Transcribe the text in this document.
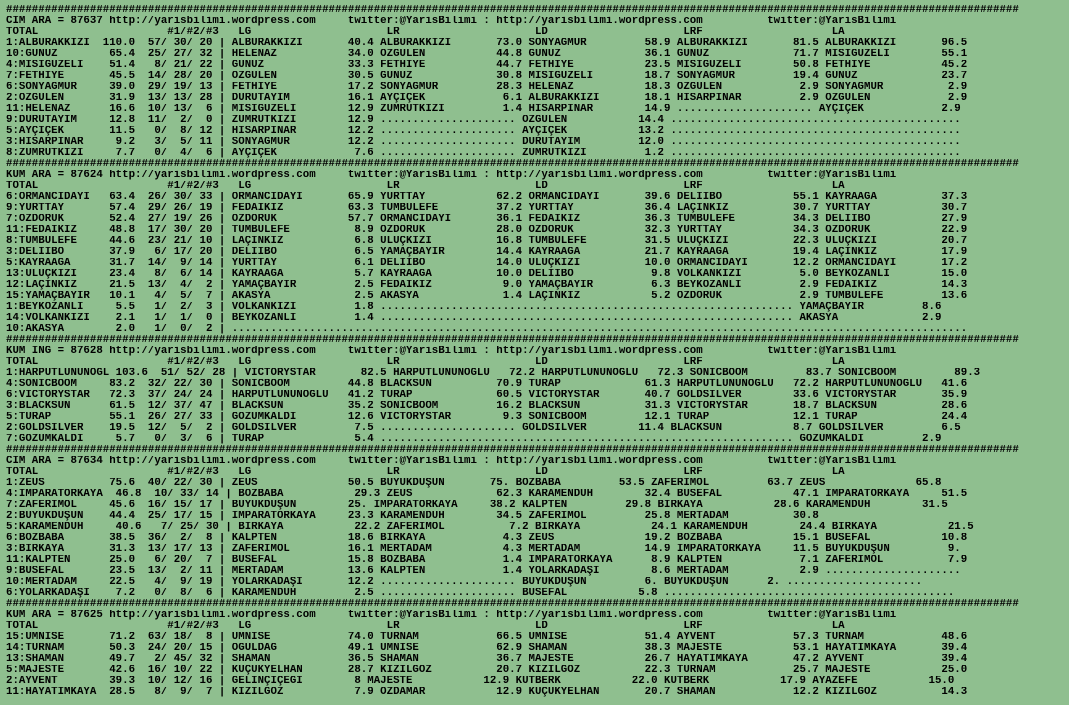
#############################################################################################################################################################
CIM ARA = 87637 http://yarisbilimi.wordpress.com     twitter:@YarisBilimi : http://yarisbilimi.wordpress.com          twitter:@YarisBilimi
TOTAL                    #1/#2/#3   LG                     LR                     LD                     LRF                    LA
1:ALBURAKKIZI  110.0  57/ 30/ 20 | ALBURAKKIZI       40.4 ALBURAKKIZI       73.0 SONYAĞMUR         58.9 ALBURAKKIZI       81.5 ALBURAKKIZI       96.5
10:GÜNÜZ        65.4  25/ 27/ 32 | HELENAZ           34.0 ÖZGÜLEN           44.8 GÜNÜZ             36.1 GÜNÜZ             71.7 MISIGÜZELI        55.1
4:MISIGÜZELI    51.4   8/ 21/ 22 | GÜNÜZ             33.3 FETHIYE           44.7 FETHIYE           23.5 MISIGÜZELI        50.8 FETHIYE           45.2
7:FETHIYE       45.5  14/ 28/ 20 | ÖZGÜLEN           30.5 GÜNÜZ             30.8 MISIGÜZELI        18.7 SONYAĞMUR         19.4 GÜNÜZ             23.7
6:SONYAĞMUR     39.0  29/ 19/ 13 | FETHIYE           17.2 SONYAĞMUR         28.3 HELENAZ           18.3 ÖZGÜLEN            2.9 SONYAĞMUR          2.9
2:ÖZGÜLEN       31.9  13/ 13/ 28 | DURUTAYIM         16.1 AYÇIÇEK            6.1 ALBURAKKIZI       18.1 HISARPINAR         2.9 ÖZGÜLEN            2.9
11:HELENAZ      16.6  10/ 13/  6 | MISIGÜZELI        12.9 ZÜMRÜTKIZI         1.4 HISARPINAR        14.9 ..................... AYÇIÇEK            2.9
9:DURUTAYIM     12.8  11/  2/  0 | ZÜMRÜTKIZI        12.9 ..................... ÖZGÜLEN           14.4 .............................................
5:AYÇIÇEK       11.5   0/  8/ 12 | HISARPINAR        12.2 ..................... AYÇIÇEK           13.2 .............................................
3:HISARPINAR     9.2   3/  5/ 11 | SONYAĞMUR         12.2 ..................... DURUTAYIM         12.0 .............................................
8:ZÜMRÜTKIZI     7.7   0/  4/  6 | AYÇIÇEK            7.6 ..................... ZÜMRÜTKIZI         1.2 .............................................
#############################################################################################################################################################
KUM ARA = 87624 http://yarisbilimi.wordpress.com     twitter:@YarisBilimi : http://yarisbilimi.wordpress.com          twitter:@YarisBilimi
TOTAL                    #1/#2/#3   LG                     LR                     LD                     LRF                    LA
6:ORMANCIDAYI   63.4  26/ 30/ 33 | ORMANCIDAYI       65.9 YURTTAY           62.2 ORMANCIDAYI       39.6 DELİİBO           55.1 KAYRAAĞA          37.3
9:YURTTAY       57.4  29/ 26/ 19 | FEDAİKIZ          63.3 TUMBULEFE         37.2 YURTTAY           36.4 LAÇİNKIZ          30.7 YURTTAY           30.7
7:ÖZDORUK       52.4  27/ 19/ 26 | ÖZDORUK           57.7 ORMANCIDAYI       36.1 FEDAİKIZ          36.3 TUMBULEFE         34.3 DELİİBO           27.9
11:FEDAİKIZ     48.8  17/ 30/ 20 | TUMBULEFE          8.9 ÖZDORUK           28.0 ÖZDORUK           32.3 YURTTAY           34.3 ÖZDORUK           22.9
8:TUMBULEFE     44.6  23/ 21/ 10 | LAÇİNKIZ           6.8 ULUÇKIZI          16.8 TUMBULEFE         31.5 ULUÇKIZI          22.3 ULUÇKIZI          20.7
3:DELİİBO       37.9   6/ 17/ 20 | DELİİBO            6.5 YAMAÇBAYIR        14.4 KAYRAAĞA          21.7 KAYRAAĞA          19.4 LAÇİNKIZ          17.9
5:KAYRAAĞA      31.7  14/  9/ 14 | YURTTAY            6.1 DELİİBO           14.0 ULUÇKIZI          10.0 ORMANCIDAYI       12.2 ORMANCIDAYI       17.2
13:ULUÇKIZI     23.4   8/  6/ 14 | KAYRAAĞA           5.7 KAYRAAĞA          10.0 DELİİBO            9.8 VOLKANKIZI         5.0 BEYKOZANLI        15.0
12:LAÇİNKIZ     21.5  13/  4/  2 | YAMAÇBAYIR         2.5 FEDAİKIZ           9.0 YAMAÇBAYIR         6.3 BEYKOZANLI         2.9 FEDAİKIZ          14.3
15:YAMAÇBAYIR   10.1   4/  5/  7 | AKASYA             2.5 AKASYA             1.4 LAÇİNKIZ           5.2 ÖZDORUK            2.9 TUMBULEFE         13.6
1:BEYKOZANLI     5.5   1/  2/  3 | VOLKANKIZI         1.8 ................................................................ YAMAÇBAYIR         8.6
14:VOLKANKIZI    2.1   1/  1/  0 | BEYKOZANLI         1.4 ................................................................ AKASYA             2.9
10:AKASYA        2.0   1/  0/  2 | ..................................................................................................................
#############################################################################################################################################################
KUM ING = 87628 http://yarisbilimi.wordpress.com     twitter:@YarisBilimi : http://yarisbilimi.wordpress.com          twitter:@YarisBilimi
TOTAL                    #1/#2/#3   LG                     LR                     LD                     LRF                    LA
1:HARPUTLUNUNOĞL 103.6  51/ 52/ 28 | VICTORYSTAR       82.5 HARPUTLUNUNOĞLU   72.2 HARPUTLUNUNOĞLU   72.3 SONICBOOM         83.7 SONICBOOM         89.3
4:SONICBOOM     83.2  32/ 22/ 30 | SONICBOOM         44.8 BLACKSUN          70.9 TURAP             61.3 HARPUTLUNUNOĞLU   72.2 HARPUTLUNUNOĞLU   41.6
6:VICTORYSTAR   72.3  37/ 24/ 24 | HARPUTLUNUNOĞLU   41.2 TURAP             60.5 VICTORYSTAR       40.7 GOLDSILVER        33.6 VICTORYSTAR       35.9
3:BLACKSUN      61.5  12/ 37/ 47 | BLACKSUN          35.2 SONICBOOM         16.2 BLACKSUN          31.3 VICTORYSTAR       18.7 BLACKSUN          28.6
5:TURAP         55.1  26/ 27/ 33 | GÖZÜMKALDI        12.6 VICTORYSTAR        9.3 SONICBOOM         12.1 TURAP             12.1 TURAP             24.4
2:GOLDSILVER    19.5  12/  5/  2 | GOLDSILVER         7.5 ..................... GOLDSILVER        11.4 BLACKSUN           8.7 GOLDSILVER         6.5
7:GÖZÜMKALDI     5.7   0/  3/  6 | TURAP              5.4 ................................................................ GÖZÜMKALDI         2.9
#############################################################################################################################################################
CIM ARA = 87634 http://yarisbilimi.wordpress.com     twitter:@YarisBilimi : http://yarisbilimi.wordpress.com          twitter:@YarisBilimi
TOTAL                    #1/#2/#3   LG                     LR                     LD                     LRF                    LA
1:ZEUS          75.6  40/ 22/ 30 | ZEUS              50.5 BÜYÜKDÜŞÜN       75. BOZBABA         53.5 ZAFERİMOL         63.7 ZEUS              65.8
4:İMPARATORKAYA  46.8  10/ 33/ 14 | BOZBABA           29.3 ZEUS             62.3 KARAMENDUH        32.4 BUSEFAL           47.1 İMPARATORKAYA     51.5
7:ZAFERİMOL     45.6  16/ 15/ 17 | BÜYÜKDÜŞÜN        25. İMPARATORKAYA     38.2 KALPTEN         29.8 BİRKAYA           28.6 KARAMENDUH        31.5
2:BÜYÜKDÜŞÜN    44.4  25/ 17/ 15 | İMPARATORKAYA     23.3 KARAMENDUH        34.5 ZAFERİMOL         25.8 MERTADAM          30.8
5:KARAMENDUH     40.6   7/ 25/ 30 | BİRKAYA           22.2 ZAFERİMOL          7.2 BİRKAYA           24.1 KARAMENDUH        24.4 BİRKAYA           21.5
6:BOZBABA       38.5  36/  2/  8 | KALPTEN           18.6 BİRKAYA            4.3 ZEUS              19.2 BOZBABA           15.1 BUSEFAL           10.8
3:BİRKAYA       31.3  13/ 17/ 13 | ZAFERİMOL         16.1 MERTADAM           4.3 MERTADAM          14.9 İMPARATORKAYA     11.5 BÜYÜKDÜŞÜN         9.
11:KALPTEN      25.0   6/ 20/  7 | BUSEFAL           15.8 BOZBABA            1.4 İMPARATORKAYA      8.9 KALPTEN            7.1 ZAFERİMOL          7.9
9:BUSEFAL       23.5  13/  2/ 11 | MERTADAM          13.6 KALPTEN            1.4 YOLARKADAŞI        8.6 MERTADAM           2.9 .....................
10:MERTADAM     22.5   4/  9/ 19 | YOLARKADAŞI       12.2 ..................... BÜYÜKDÜŞÜN         6. BÜYÜKDÜŞÜN      2. .....................
6:YOLARKADAŞI    7.2   0/  8/  6 | KARAMENDUH         2.5 ..................... BUSEFAL           5.8 .............................................
#############################################################################################################################################################
KUM ARA = 87625 http://yarisbilimi.wordpress.com     twitter:@YarisBilimi : http://yarisbilimi.wordpress.com          twitter:@YarisBilimi
TOTAL                    #1/#2/#3   LG                     LR                     LD                     LRF                    LA
15:UMNİSE       71.2  63/ 18/  8 | UMNİSE            74.0 TURNAM            66.5 UMNİSE            51.4 AYVENT            57.3 TURNAM            48.6
14:TURNAM       50.3  24/ 20/ 15 | OĞULDAĞ           49.1 UMNİSE            62.9 SHAMAN            38.3 MAJESTE           53.1 HAYATIMKAYA       39.4
13:SHAMAN       49.7   2/ 45/ 32 | SHAMAN            36.5 SHAMAN            36.7 MAJESTE           26.7 HAYATIMKAYA       47.2 AYVENT            39.4
5:MAJESTE       42.6  16/ 10/ 22 | KÜÇÜKYELHAN       28.7 KIZILGÖZ          20.7 KIZILGÖZ          22.3 TURNAM            25.7 MAJESTE           25.0
2:AYVENT        39.3  10/ 12/ 16 | GELİNÇİÇEĞİ        8 MAJESTE           12.9 KUTBERK           22.0 KUTBERK           17.9 AYAZEFE           15.0
11:HAYATIMKAYA  28.5   8/  9/  7 | KIZILGÖZ           7.9 ÖZDAMAR           12.9 KÜÇÜKYELHAN       20.7 SHAMAN            12.2 KIZILGÖZ          14.3
